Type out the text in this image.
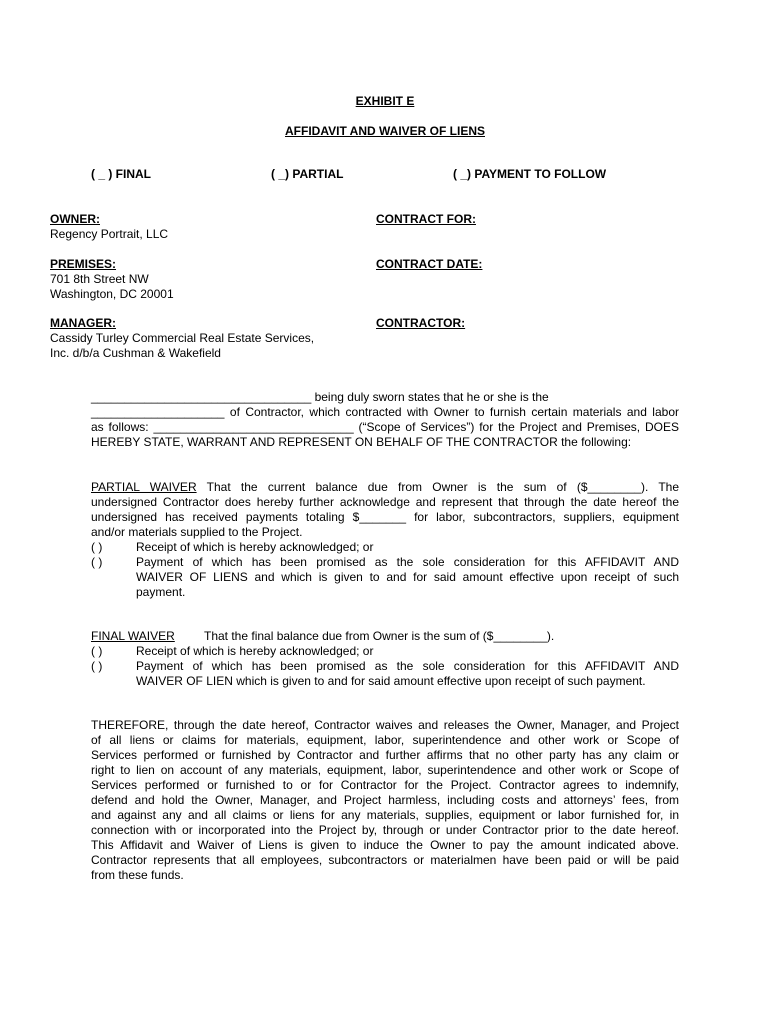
EXHIBIT E
AFFIDAVIT AND WAIVER OF LIENS
( _ ) FINAL	( _) PARTIAL	( _) PAYMENT TO FOLLOW
OWNER:
Regency Portrait, LLC
CONTRACT FOR:
PREMISES:
701 8th Street NW
Washington, DC 20001
CONTRACT DATE:
MANAGER:
Cassidy Turley Commercial Real Estate Services,
Inc. d/b/a Cushman & Wakefield
CONTRACTOR:
_________________________________ being duly sworn states that he or she is the
____________________ of Contractor, which contracted with Owner to furnish certain materials and labor
as follows: ______________________________ (“Scope of Services”) for the Project and Premises, DOES
HEREBY STATE, WARRANT AND REPRESENT ON BEHALF OF THE CONTRACTOR the following:
PARTIAL WAIVER That the current balance due from Owner is the sum of ($________). The
undersigned Contractor does hereby further acknowledge and represent that through the date hereof the
undersigned has received payments totaling $_______ for labor, subcontractors, suppliers, equipment
and/or materials supplied to the Project.
( )	Receipt of which is hereby acknowledged; or
( )	Payment of which has been promised as the sole consideration for this AFFIDAVIT AND
WAIVER OF LIENS and which is given to and for said amount effective upon receipt of such
payment.
FINAL WAIVER That the final balance due from Owner is the sum of ($________).
( )	Receipt of which is hereby acknowledged; or
( )	Payment of which has been promised as the sole consideration for this AFFIDAVIT AND
WAIVER OF LIEN which is given to and for said amount effective upon receipt of such payment.
THEREFORE, through the date hereof, Contractor waives and releases the Owner, Manager, and Project
of all liens or claims for materials, equipment, labor, superintendence and other work or Scope of
Services performed or furnished by Contractor and further affirms that no other party has any claim or
right to lien on account of any materials, equipment, labor, superintendence and other work or Scope of
Services performed or furnished to or for Contractor for the Project. Contractor agrees to indemnify,
defend and hold the Owner, Manager, and Project harmless, including costs and attorneys’ fees, from
and against any and all claims or liens for any materials, supplies, equipment or labor furnished for, in
connection with or incorporated into the Project by, through or under Contractor prior to the date hereof.
This Affidavit and Waiver of Liens is given to induce the Owner to pay the amount indicated above.
Contractor represents that all employees, subcontractors or materialmen have been paid or will be paid
from these funds.
